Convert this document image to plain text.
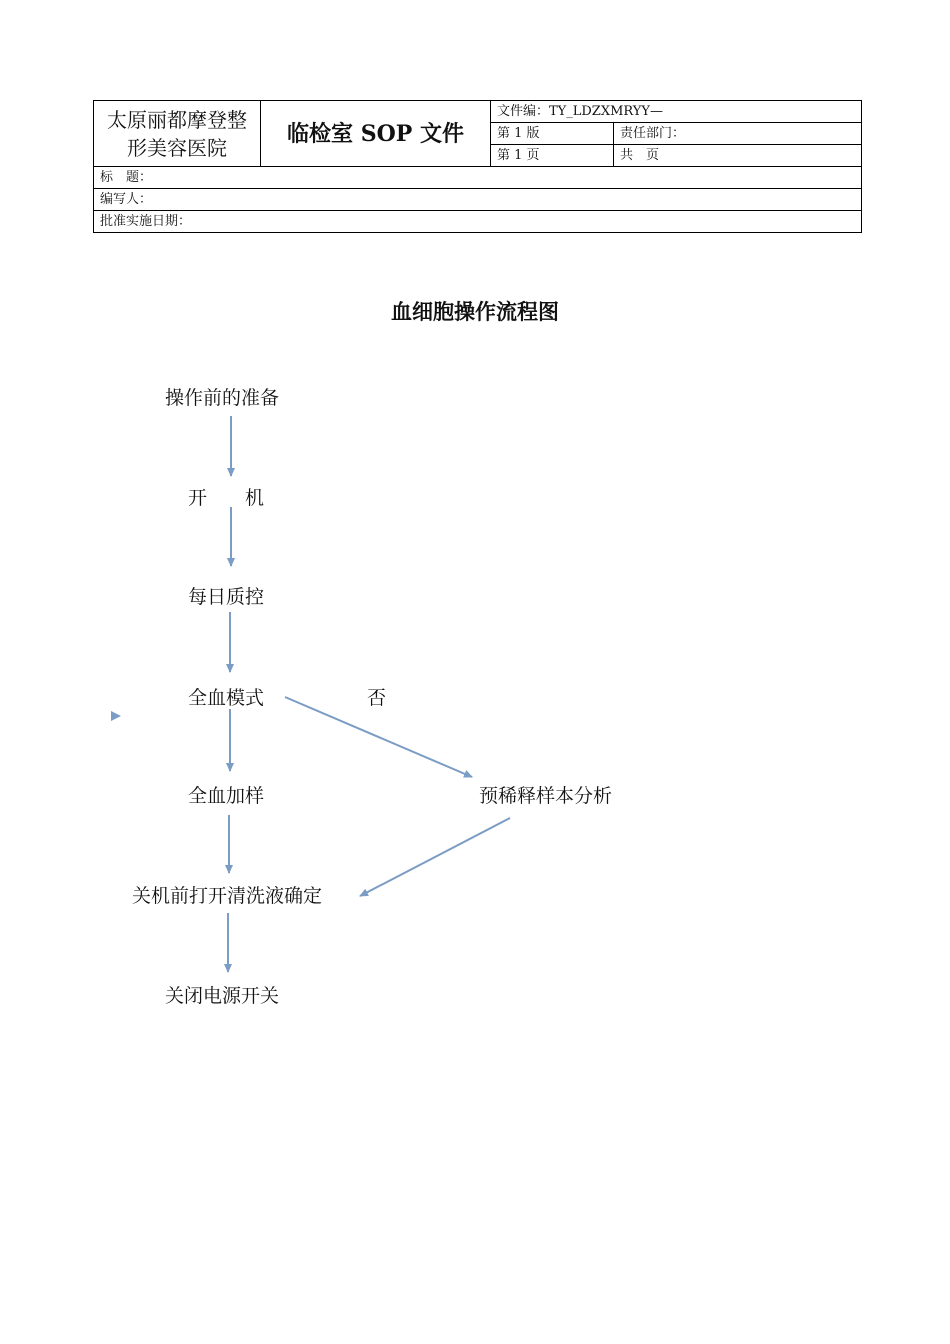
太原丽都摩登整形美容医院	临检室 SOP 文件	文件编：TY_LDZXMRYY—	
		第 1 版	责任部门：
		第 1 页	共　页
标　题：			
编写人：			
批准实施日期：			
血细胞操作流程图
操作前的准备
开　　机
每日质控
全血模式	否
全血加样	预稀释样本分析
关机前打开清洗液确定
关闭电源开关
